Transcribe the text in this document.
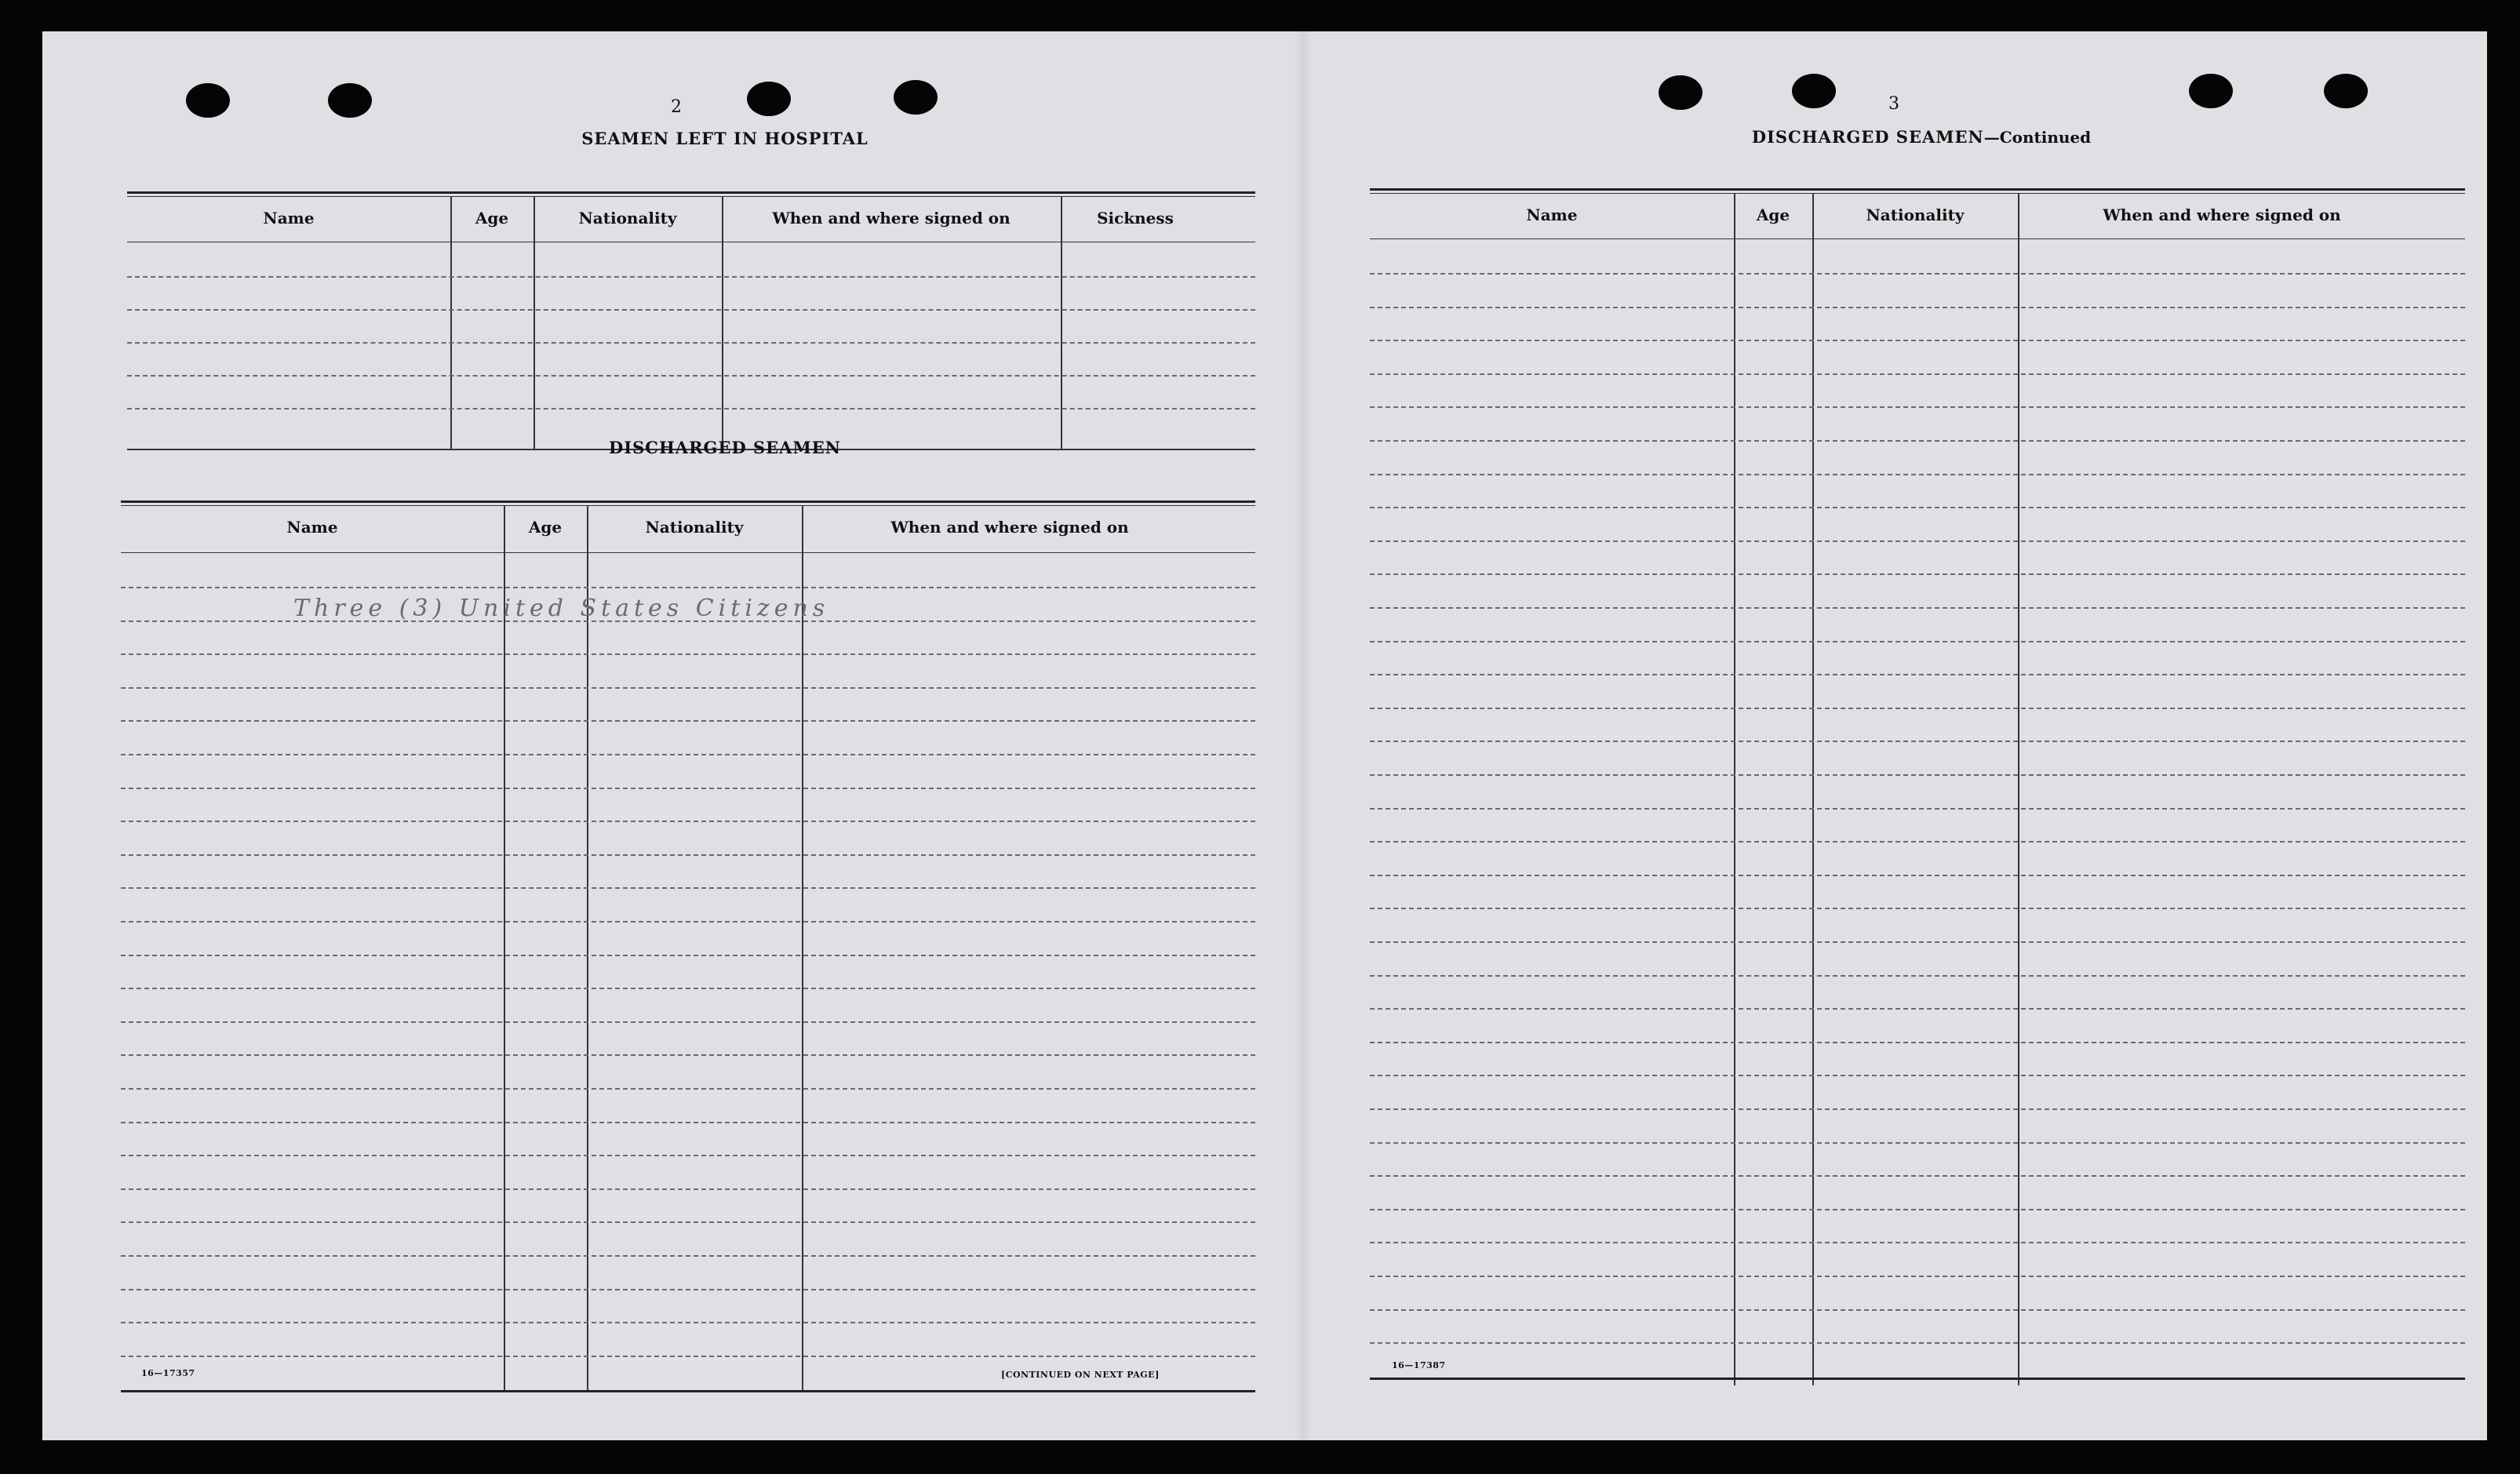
2
SEAMEN LEFT IN HOSPITAL
Name	Age	Nationality	When and where signed on	Sickness
DISCHARGED SEAMEN
Name	Age	Nationality	When and where signed on
Three (3) United States Citizens
16—17357	[CONTINUED ON NEXT PAGE]
3
DISCHARGED SEAMEN—Continued
Name	Age	Nationality	When and where signed on
16—17387
